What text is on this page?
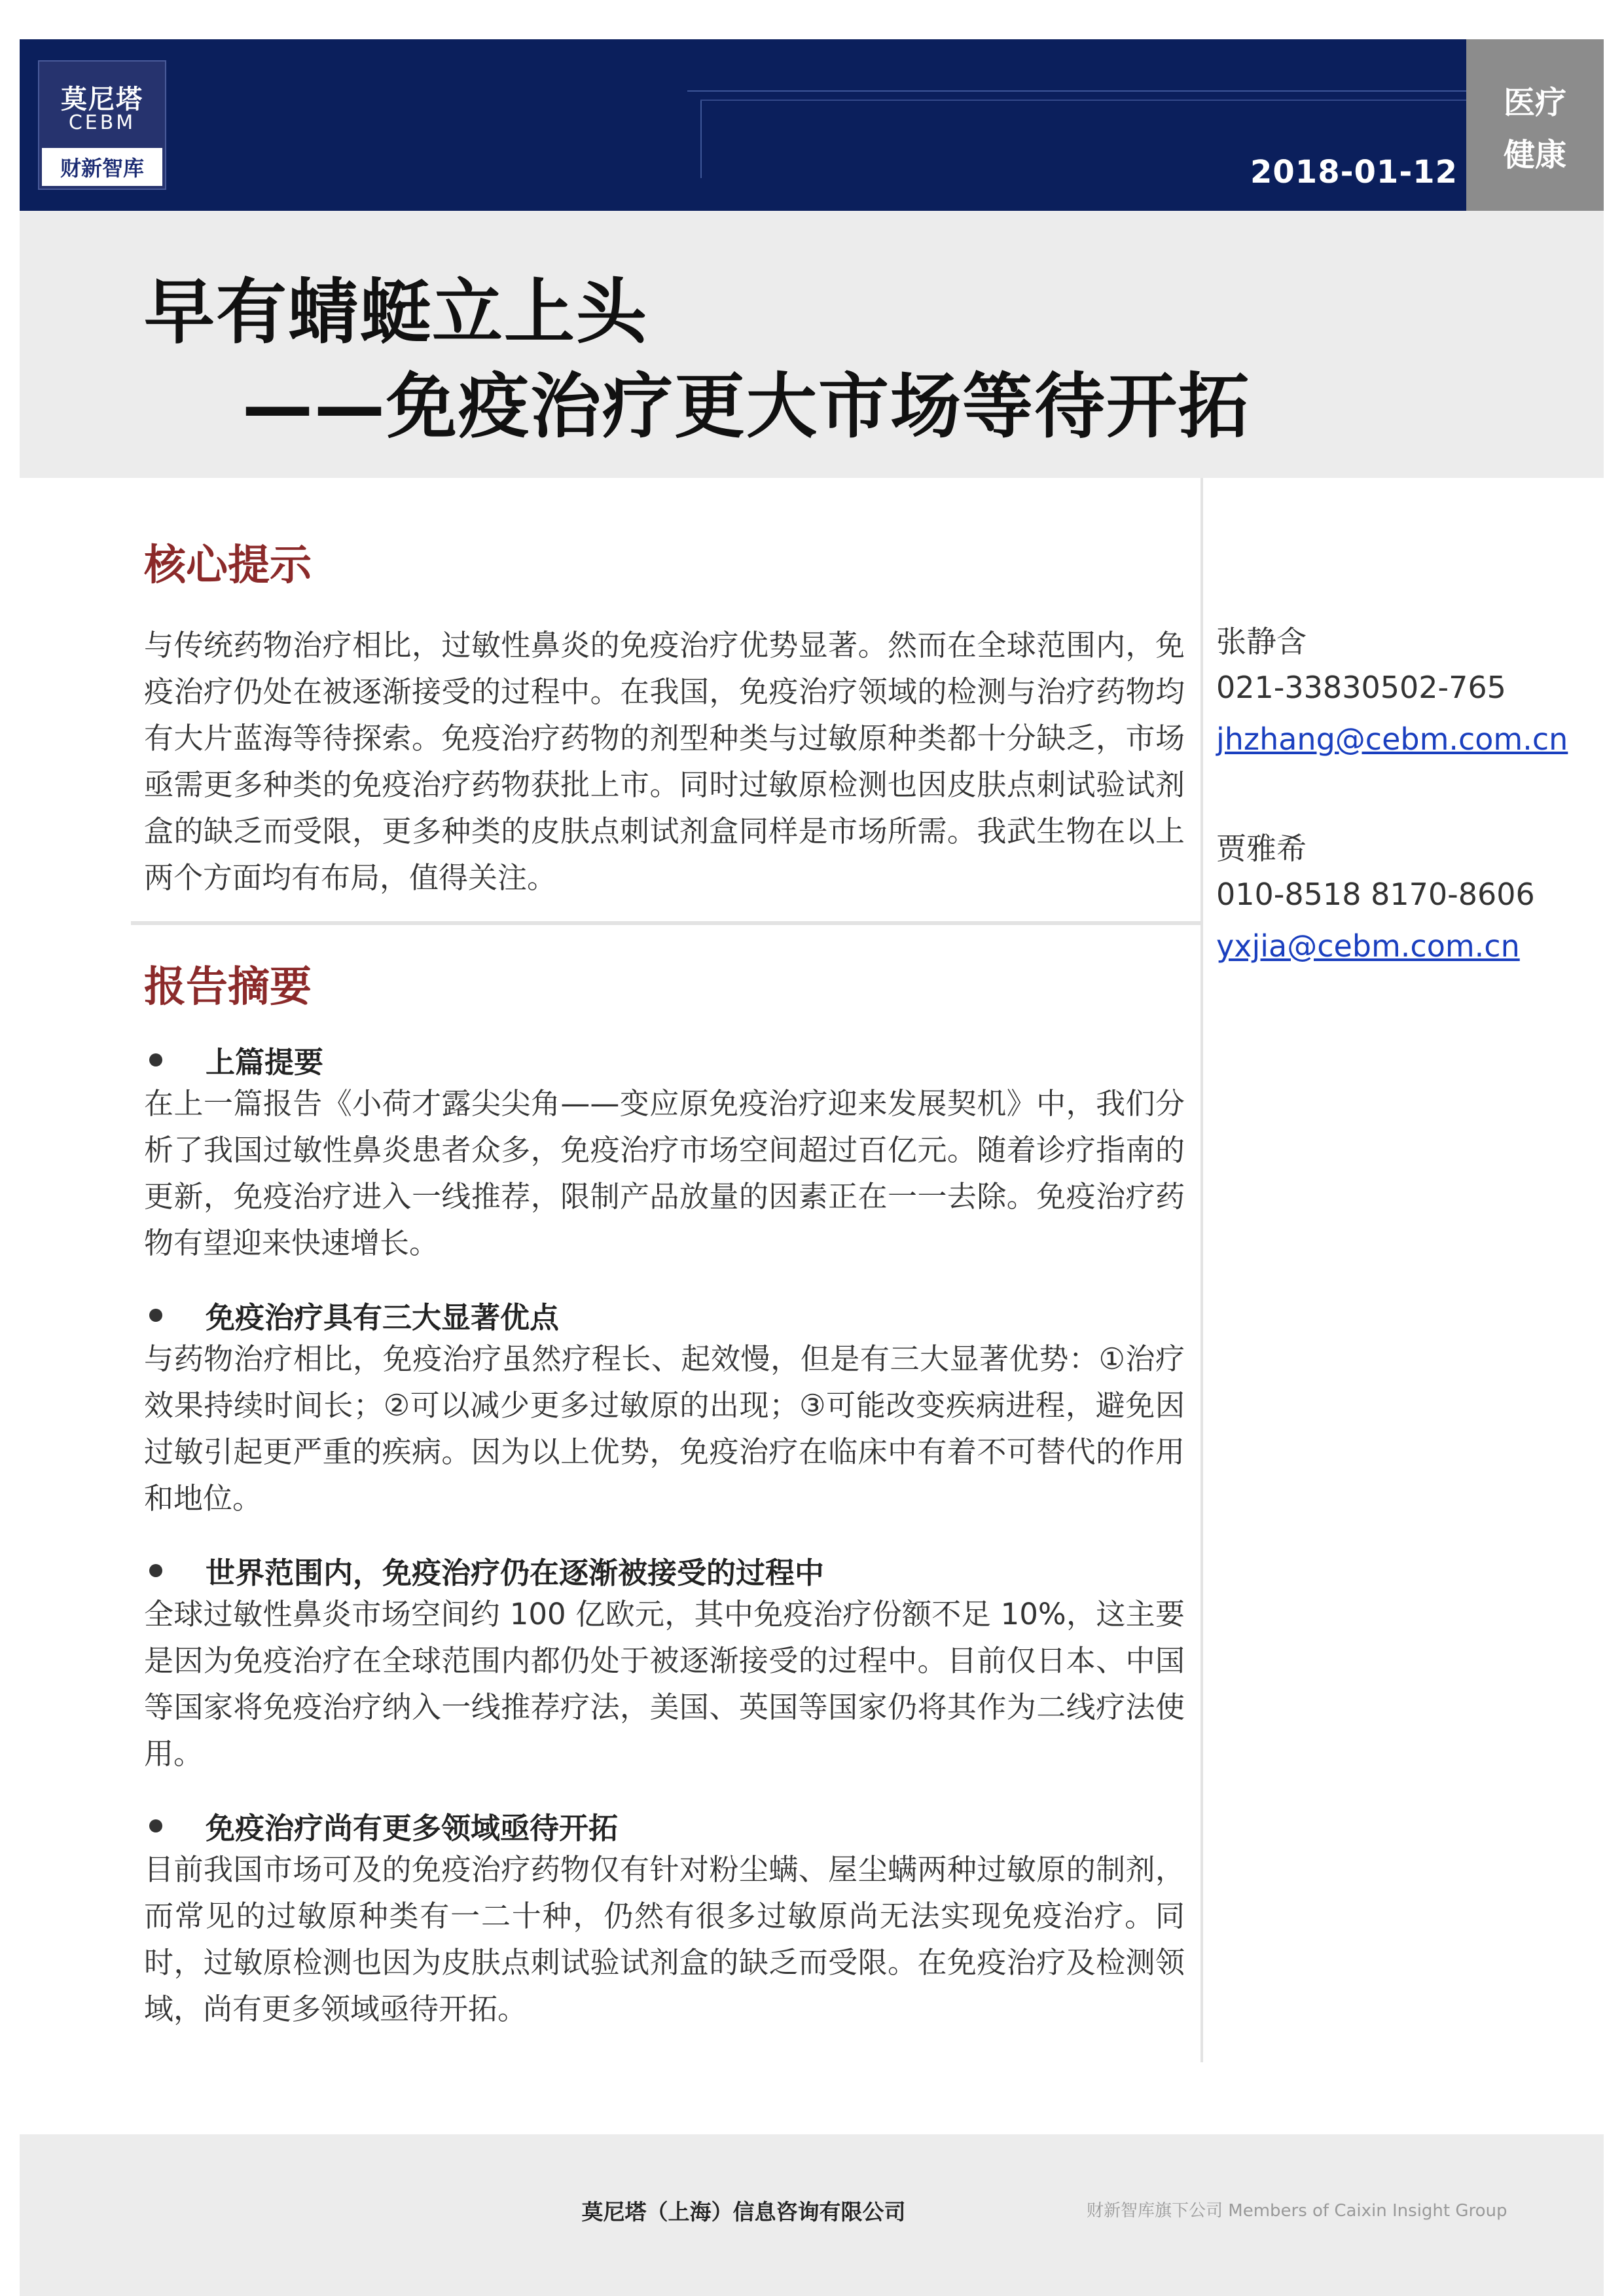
莫尼塔
CEBM
财新智库	2018-01-12
医疗
健康
早有蜻蜓立上头
——免疫治疗更大市场等待开拓
核心提示

与传统药物治疗相比，过敏性鼻炎的免疫治疗优势显著。然而在全球范围内，免疫治疗仍处在被逐渐接受的过程中。在我国，免疫治疗领域的检测与治疗药物均有大片蓝海等待探索。免疫治疗药物的剂型种类与过敏原种类都十分缺乏，市场亟需更多种类的免疫治疗药物获批上市。同时过敏原检测也因皮肤点刺试验试剂盒的缺乏而受限，更多种类的皮肤点刺试剂盒同样是市场所需。我武生物在以上两个方面均有布局，值得关注。

报告摘要
上篇提要

在上一篇报告《小荷才露尖尖角——变应原免疫治疗迎来发展契机》中，我们分析了我国过敏性鼻炎患者众多，免疫治疗市场空间超过百亿元。随着诊疗指南的更新，免疫治疗进入一线推荐，限制产品放量的因素正在一一去除。免疫治疗药物有望迎来快速增长。

免疫治疗具有三大显著优点

与药物治疗相比，免疫治疗虽然疗程长、起效慢，但是有三大显著优势：①治疗效果持续时间长；②可以减少更多过敏原的出现；③可能改变疾病进程，避免因过敏引起更严重的疾病。因为以上优势，免疫治疗在临床中有着不可替代的作用和地位。

世界范围内，免疫治疗仍在逐渐被接受的过程中

全球过敏性鼻炎市场空间约 100 亿欧元，其中免疫治疗份额不足 10%，这主要是因为免疫治疗在全球范围内都仍处于被逐渐接受的过程中。目前仅日本、中国等国家将免疫治疗纳入一线推荐疗法，美国、英国等国家仍将其作为二线疗法使用。

免疫治疗尚有更多领域亟待开拓

目前我国市场可及的免疫治疗药物仅有针对粉尘螨、屋尘螨两种过敏原的制剂，而常见的过敏原种类有一二十种，仍然有很多过敏原尚无法实现免疫治疗。同时，过敏原检测也因为皮肤点刺试验试剂盒的缺乏而受限。在免疫治疗及检测领域，尚有更多领域亟待开拓。

张静含
021-33830502-765
jhzhang@cebm.com.cn
贾雅希
010-8518 8170-8606
yxjia@cebm.com.cn
莫尼塔（上海）信息咨询有限公司	财新智库旗下公司 Members of Caixin Insight Group
